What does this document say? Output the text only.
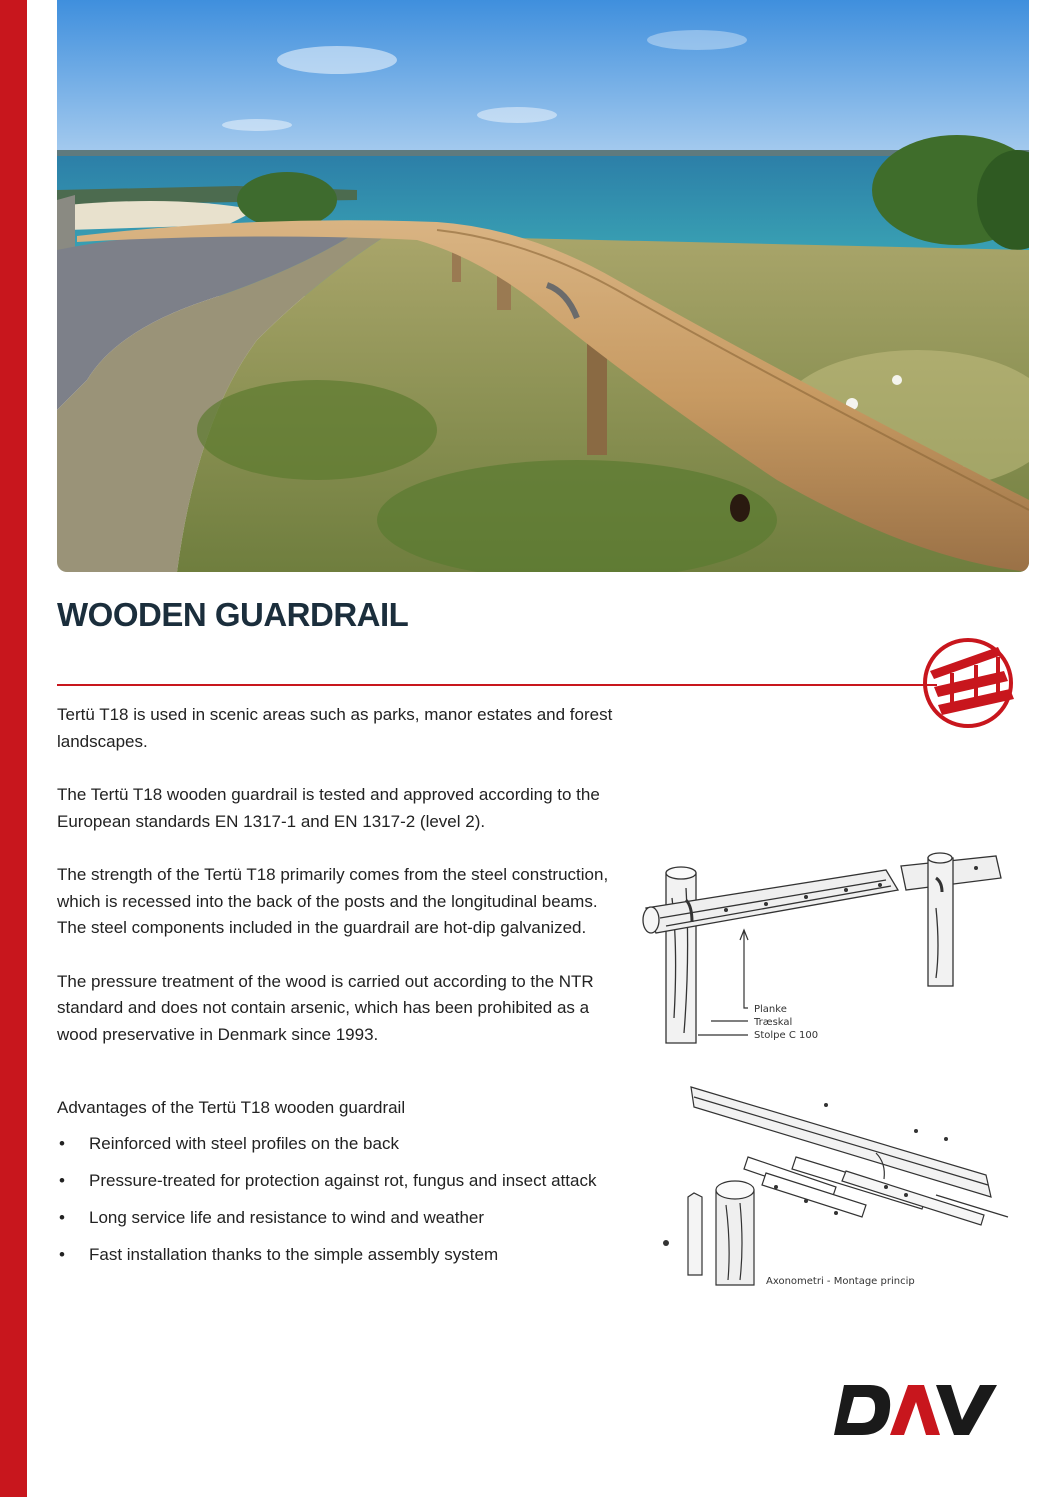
WOODEN GUARDRAIL

Tertü T18 is used in scenic areas such as parks, manor estates and forest landscapes.

The Tertü T18 wooden guardrail is tested and approved according to the European standards EN 1317-1 and EN 1317-2 (level 2).

The strength of the Tertü T18 primarily comes from the steel construction, which is recessed into the back of the posts and the longitudinal beams. The steel components included in the guardrail are hot-dip galvanized.

The pressure treatment of the wood is carried out according to the NTR standard and does not contain arsenic, which has been prohibited as a wood preservative in Denmark since 1993.

Advantages of the Tertü T18 wooden guardrail
• Reinforced with steel profiles on the back
• Pressure-treated for protection against rot, fungus and insect attack
• Long service life and resistance to wind and weather
• Fast installation thanks to the simple assembly system
Planke
Træskal
Stolpe C 100
Axonometri - Montage princip
